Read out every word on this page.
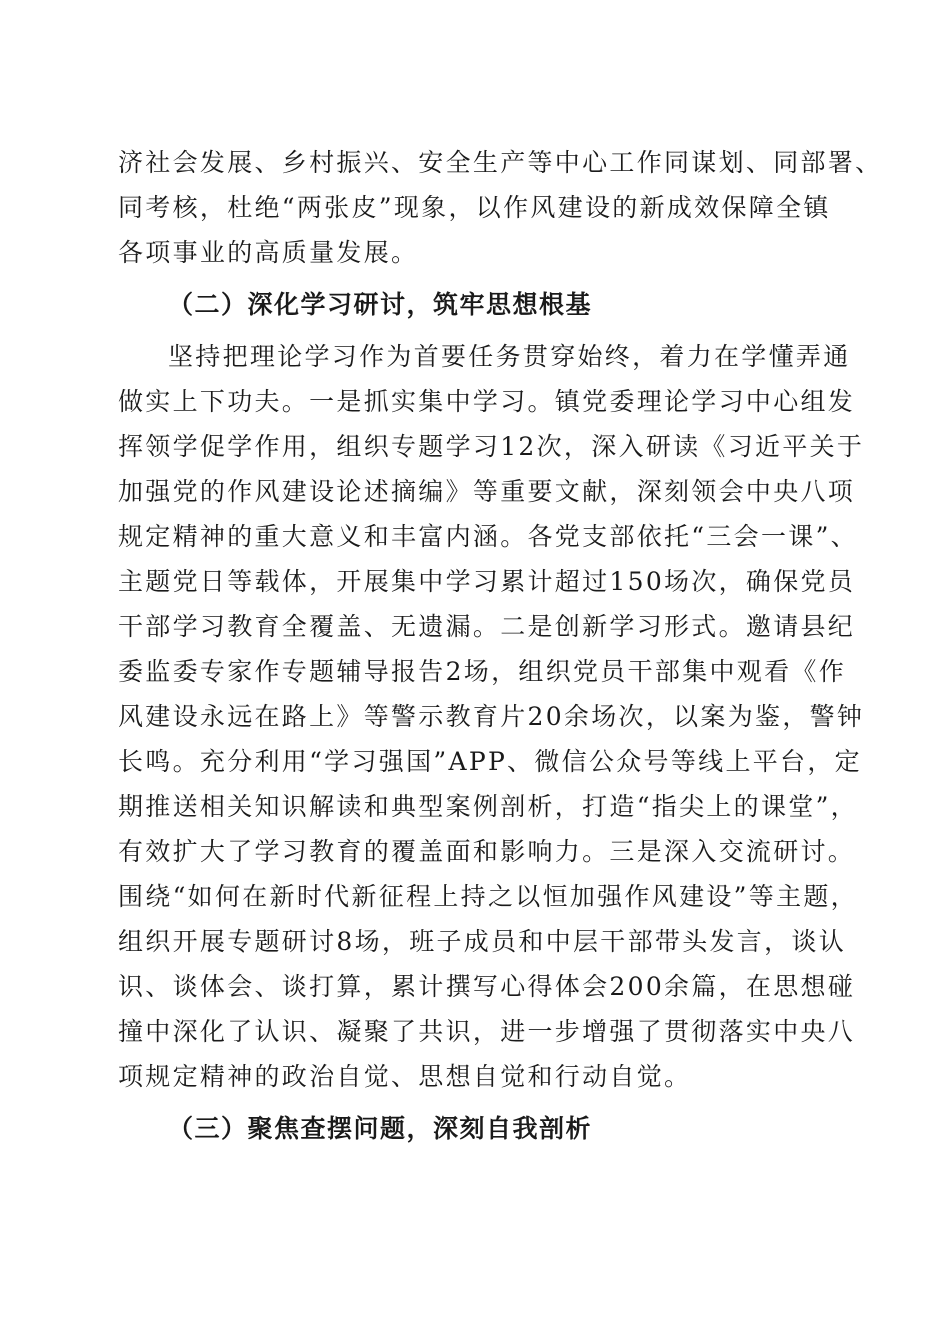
济社会发展、乡村振兴、安全生产等中心工作同谋划、同部署、
同考核，杜绝“两张皮”现象，以作风建设的新成效保障全镇
各项事业的高质量发展。
（二）深化学习研讨，筑牢思想根基
坚持把理论学习作为首要任务贯穿始终，着力在学懂弄通
做实上下功夫。一是抓实集中学习。镇党委理论学习中心组发
挥领学促学作用，组织专题学习12次，深入研读《习近平关于
加强党的作风建设论述摘编》等重要文献，深刻领会中央八项
规定精神的重大意义和丰富内涵。各党支部依托“三会一课”、
主题党日等载体，开展集中学习累计超过150场次，确保党员
干部学习教育全覆盖、无遗漏。二是创新学习形式。邀请县纪
委监委专家作专题辅导报告2场，组织党员干部集中观看《作
风建设永远在路上》等警示教育片20余场次，以案为鉴，警钟
长鸣。充分利用“学习强国”APP、微信公众号等线上平台，定
期推送相关知识解读和典型案例剖析，打造“指尖上的课堂”，
有效扩大了学习教育的覆盖面和影响力。三是深入交流研讨。
围绕“如何在新时代新征程上持之以恒加强作风建设”等主题，
组织开展专题研讨8场，班子成员和中层干部带头发言，谈认
识、谈体会、谈打算，累计撰写心得体会200余篇，在思想碰
撞中深化了认识、凝聚了共识，进一步增强了贯彻落实中央八
项规定精神的政治自觉、思想自觉和行动自觉。
（三）聚焦查摆问题，深刻自我剖析
